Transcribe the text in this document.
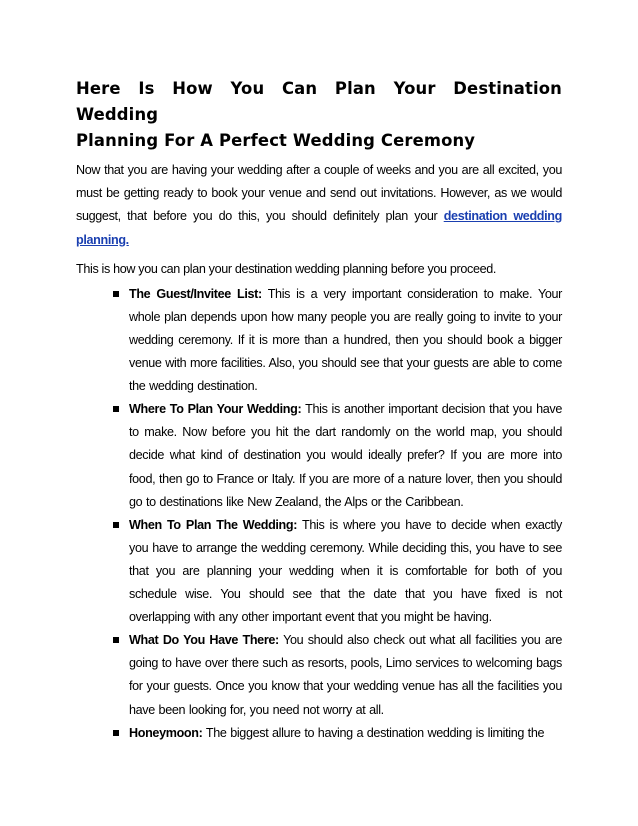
Here Is How You Can Plan Your Destination Wedding
Planning For A Perfect Wedding Ceremony

Now that you are having your wedding after a couple of weeks and you are all excited, you must be getting ready to book your venue and send out invitations. However, as we would suggest, that before you do this, you should definitely plan your destination wedding planning.

This is how you can plan your destination wedding planning before you proceed.

The Guest/Invitee List: This is a very important consideration to make. Your whole plan depends upon how many people you are really going to invite to your wedding ceremony. If it is more than a hundred, then you should book a bigger venue with more facilities. Also, you should see that your guests are able to come the wedding destination.
Where To Plan Your Wedding: This is another important decision that you have to make. Now before you hit the dart randomly on the world map, you should decide what kind of destination you would ideally prefer? If you are more into food, then go to France or Italy. If you are more of a nature lover, then you should go to destinations like New Zealand, the Alps or the Caribbean.
When To Plan The Wedding: This is where you have to decide when exactly you have to arrange the wedding ceremony. While deciding this, you have to see that you are planning your wedding when it is comfortable for both of you schedule wise. You should see that the date that you have fixed is not overlapping with any other important event that you might be having.
What Do You Have There: You should also check out what all facilities you are going to have over there such as resorts, pools, Limo services to welcoming bags for your guests. Once you know that your wedding venue has all the facilities you have been looking for, you need not worry at all.
Honeymoon: The biggest allure to having a destination wedding is limiting the
